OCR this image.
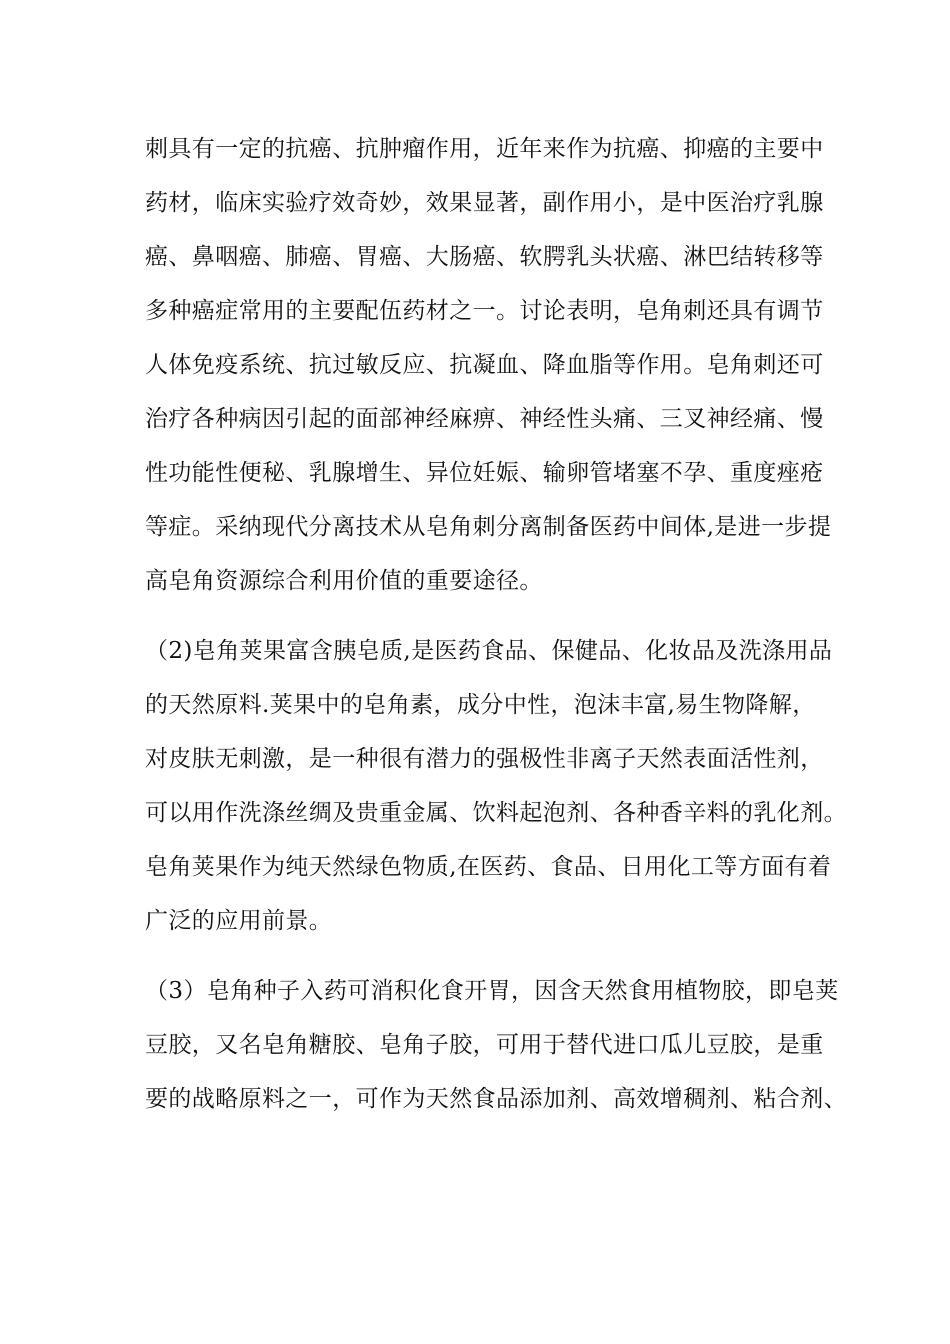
刺具有一定的抗癌、抗肿瘤作用，近年来作为抗癌、抑癌的主要中
药材，临床实验疗效奇妙，效果显著，副作用小，是中医治疗乳腺
癌、鼻咽癌、肺癌、胃癌、大肠癌、软腭乳头状癌、淋巴结转移等
多种癌症常用的主要配伍药材之一。讨论表明，皂角刺还具有调节
人体免疫系统、抗过敏反应、抗凝血、降血脂等作用。皂角刺还可
治疗各种病因引起的面部神经麻痹、神经性头痛、三叉神经痛、慢
性功能性便秘、乳腺增生、异位妊娠、输卵管堵塞不孕、重度痤疮
等症。采纳现代分离技术从皂角刺分离制备医药中间体,是进一步提
高皂角资源综合利用价值的重要途径。
（2)皂角荚果富含胰皂质,是医药食品、保健品、化妆品及洗涤用品
的天然原料.荚果中的皂角素，成分中性，泡沫丰富,易生物降解，
对皮肤无刺激，是一种很有潜力的强极性非离子天然表面活性剂，
可以用作洗涤丝绸及贵重金属、饮料起泡剂、各种香辛料的乳化剂。
皂角荚果作为纯天然绿色物质,在医药、食品、日用化工等方面有着
广泛的应用前景。
（3）皂角种子入药可消积化食开胃，因含天然食用植物胶，即皂荚
豆胶，又名皂角糖胶、皂角子胶，可用于替代进口瓜儿豆胶，是重
要的战略原料之一，可作为天然食品添加剂、高效增稠剂、粘合剂、
